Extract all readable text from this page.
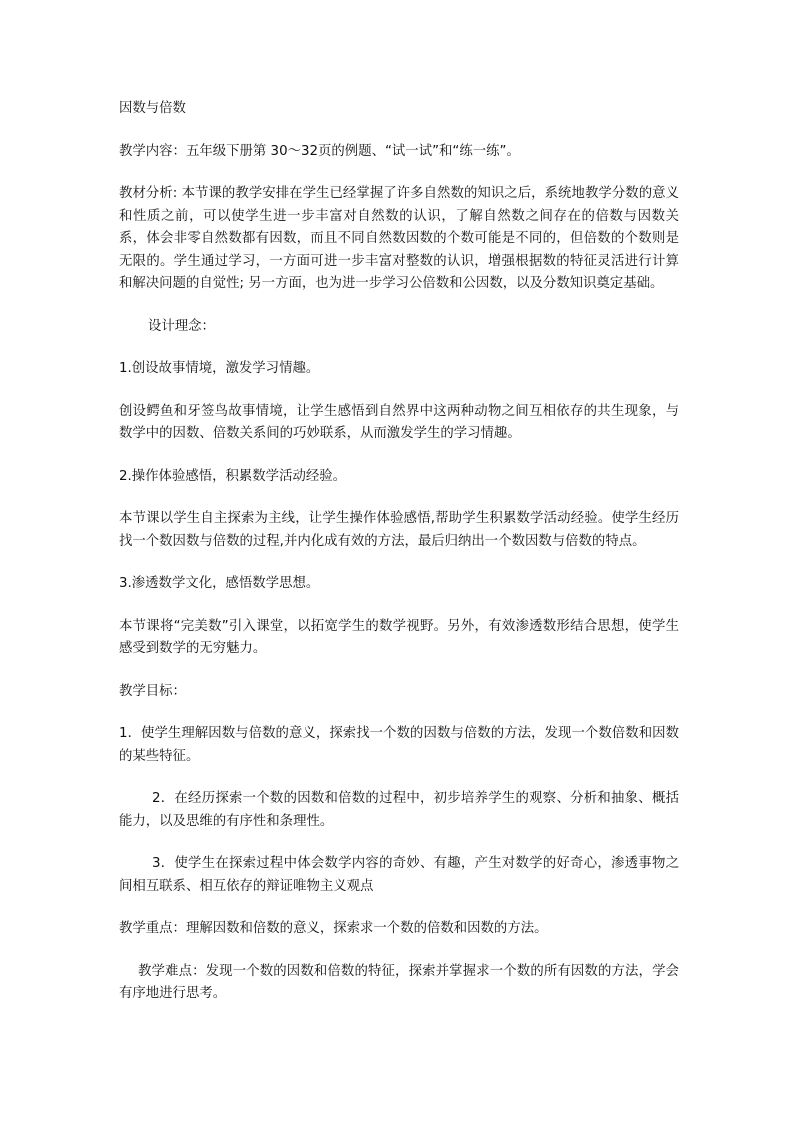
因数与倍数

教学内容：五年级下册第 30～32页的例题、“试一试”和“练一练”。

教材分析: 本节课的教学安排在学生已经掌握了许多自然数的知识之后，系统地教学分数的意义和性质之前，可以使学生进一步丰富对自然数的认识，了解自然数之间存在的倍数与因数关系，体会非零自然数都有因数，而且不同自然数因数的个数可能是不同的，但倍数的个数则是无限的。学生通过学习，一方面可进一步丰富对整数的认识，增强根据数的特征灵活进行计算和解决问题的自觉性; 另一方面，也为进一步学习公倍数和公因数，以及分数知识奠定基础。

设计理念：

1.创设故事情境，激发学习情趣。

创设鳄鱼和牙签鸟故事情境，让学生感悟到自然界中这两种动物之间互相依存的共生现象，与数学中的因数、倍数关系间的巧妙联系，从而激发学生的学习情趣。

2.操作体验感悟，积累数学活动经验。

本节课以学生自主探索为主线，让学生操作体验感悟,帮助学生积累数学活动经验。使学生经历找一个数因数与倍数的过程,并内化成有效的方法，最后归纳出一个数因数与倍数的特点。

3.渗透数学文化，感悟数学思想。

本节课将“完美数”引入课堂，以拓宽学生的数学视野。另外，有效渗透数形结合思想，使学生感受到数学的无穷魅力。

教学目标：

1．使学生理解因数与倍数的意义，探索找一个数的因数与倍数的方法，发现一个数倍数和因数的某些特征。

2．在经历探索一个数的因数和倍数的过程中，初步培养学生的观察、分析和抽象、概括能力，以及思维的有序性和条理性。

3．使学生在探索过程中体会数学内容的奇妙、有趣，产生对数学的好奇心，渗透事物之间相互联系、相互依存的辩证唯物主义观点

教学重点：理解因数和倍数的意义，探索求一个数的倍数和因数的方法。

教学难点：发现一个数的因数和倍数的特征，探索并掌握求一个数的所有因数的方法，学会有序地进行思考。
